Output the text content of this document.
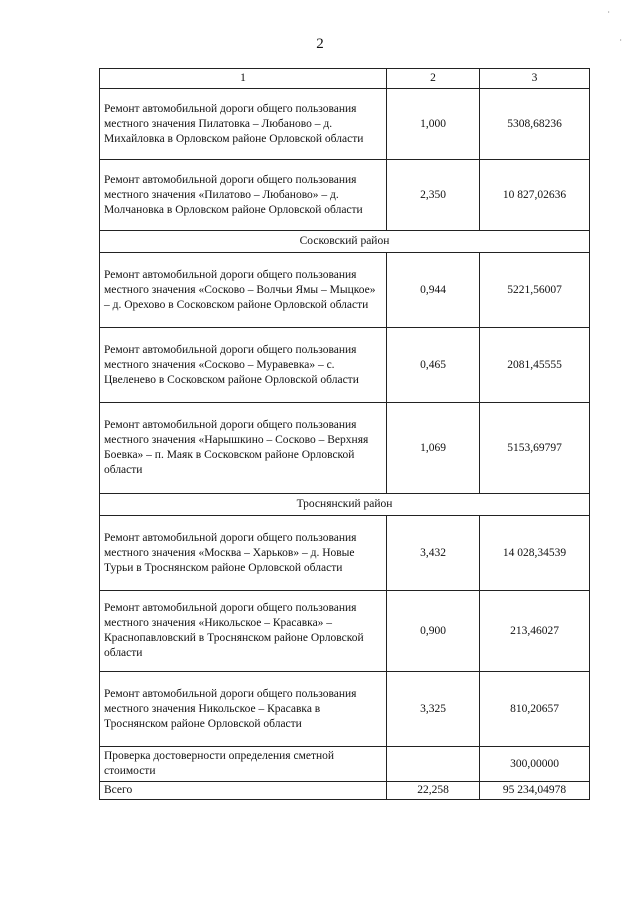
·
·
2
1	2	3
Ремонт автомобильной дороги общего пользования местного значения Пилатовка – Любаново – д. Михайловка в Орловском районе Орловской области	1,000	5308,68236
Ремонт автомобильной дороги общего пользования местного значения «Пилатово – Любаново» – д. Молчановка в Орловском районе Орловской области	2,350	10 827,02636
Сосковский район		
Ремонт автомобильной дороги общего пользования местного значения «Сосково – Волчьи Ямы – Мыцкое» – д. Орехово в Сосковском районе Орловской области	0,944	5221,56007
Ремонт автомобильной дороги общего пользования местного значения «Сосково – Муравевка» – с. Цвеленево в Сосковском районе Орловской области	0,465	2081,45555
Ремонт автомобильной дороги общего пользования местного значения «Нарышкино – Сосково – Верхняя Боевка» – п. Маяк в Сосковском районе Орловской области	1,069	5153,69797
Троснянский район		
Ремонт автомобильной дороги общего пользования местного значения «Москва – Харьков» – д. Новые Турьи в Троснянском районе Орловской области	3,432	14 028,34539
Ремонт автомобильной дороги общего пользования местного значения «Никольское – Красавка» – Краснопавловский в Троснянском районе Орловской области	0,900	213,46027
Ремонт автомобильной дороги общего пользования местного значения Никольское – Красавка в Троснянском районе Орловской области	3,325	810,20657
Проверка достоверности определения сметной стоимости		300,00000
Всего	22,258	95 234,04978
